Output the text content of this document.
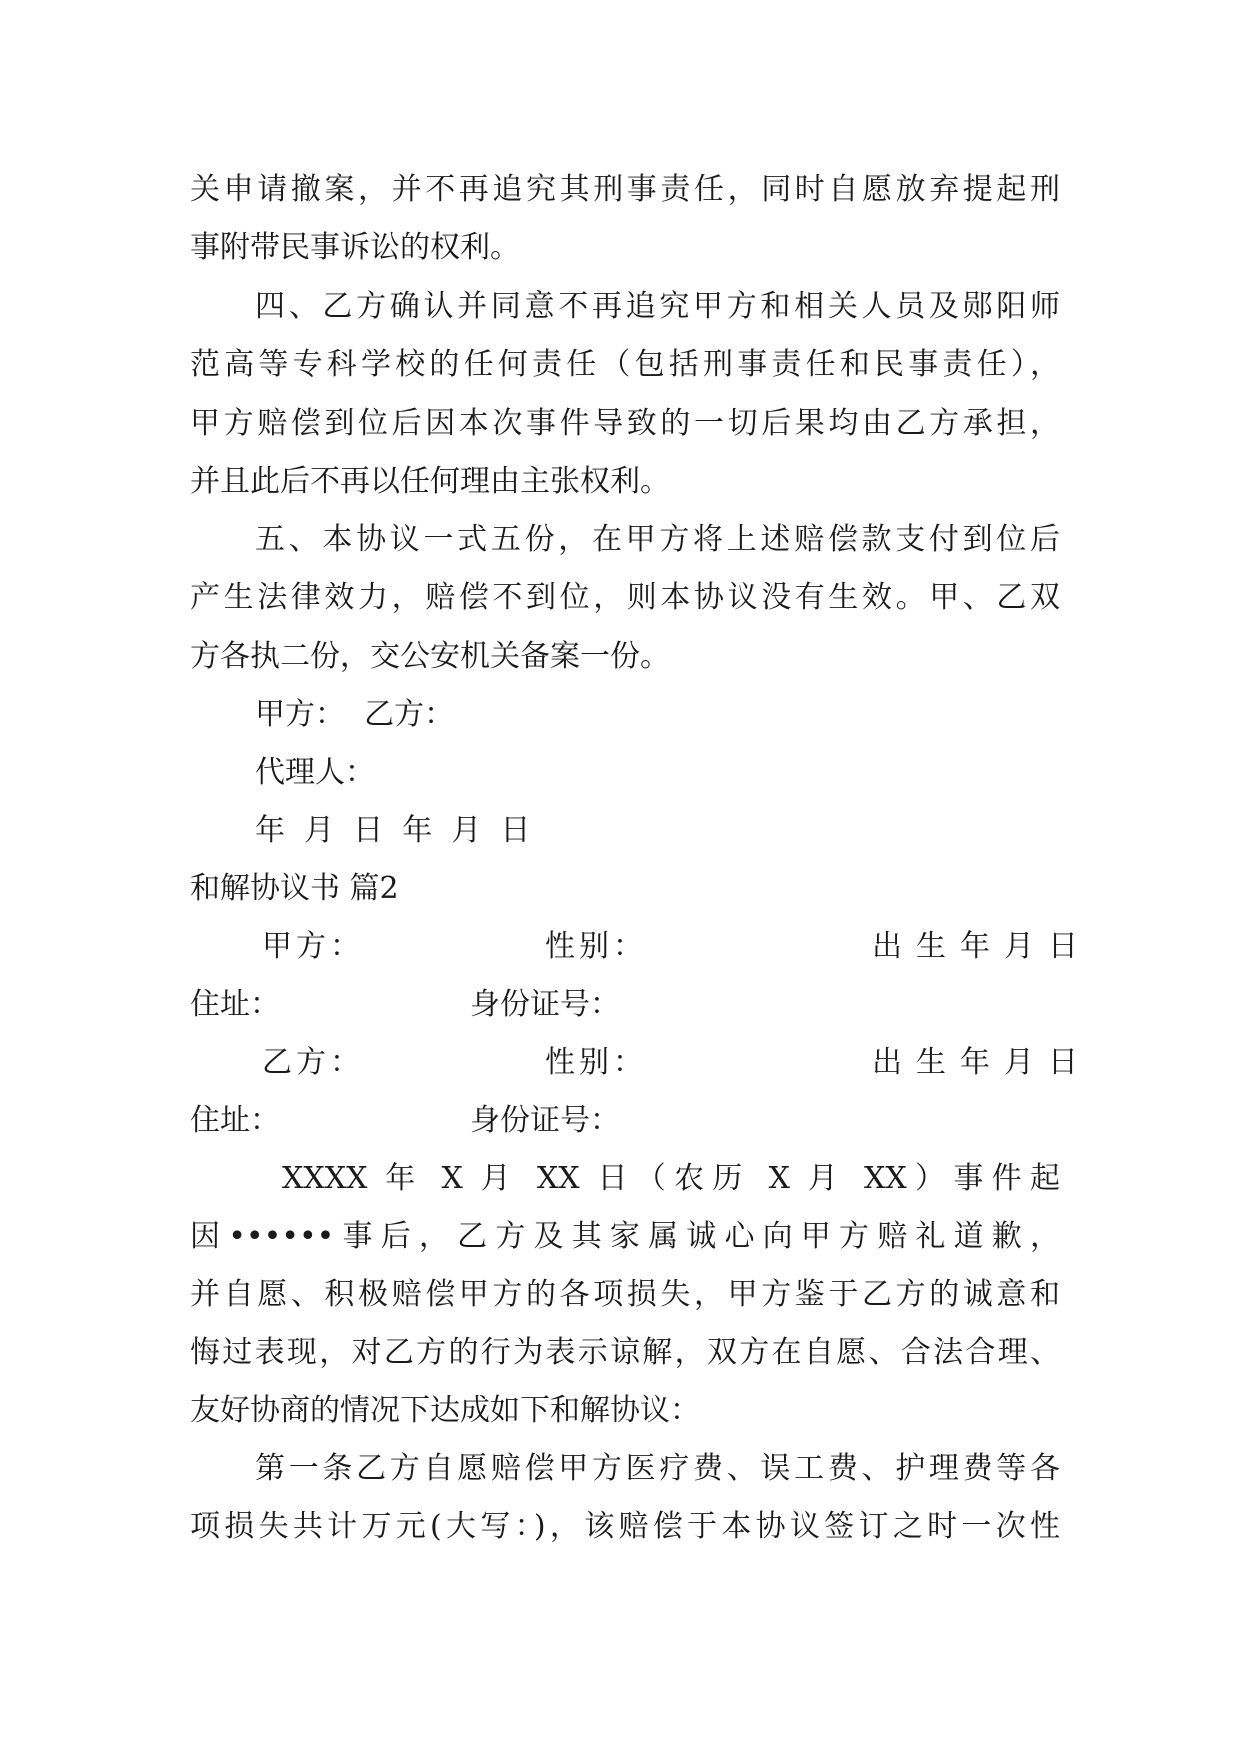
关申请撤案，并不再追究其刑事责任，同时自愿放弃提起刑
事附带民事诉讼的权利。
四、乙方确认并同意不再追究甲方和相关人员及郧阳师
范高等专科学校的任何责任（包括刑事责任和民事责任），
甲方赔偿到位后因本次事件导致的一切后果均由乙方承担，
并且此后不再以任何理由主张权利。
五、本协议一式五份，在甲方将上述赔偿款支付到位后
产生法律效力，赔偿不到位，则本协议没有生效。甲、乙双
方各执二份，交公安机关备案一份。
甲方：  乙方：
代理人：
年  月  日  年  月  日
和解协议书 篇2
甲方：	性别：	出生年月日
住址：	身份证号：
乙方：	性别：	出生年月日
住址：	身份证号：
XXXX 年 X 月 XX 日（农历 X 月 XX）事件起
因••••••事后，乙方及其家属诚心向甲方赔礼道歉，
并自愿、积极赔偿甲方的各项损失，甲方鉴于乙方的诚意和
悔过表现，对乙方的行为表示谅解，双方在自愿、合法合理、
友好协商的情况下达成如下和解协议：
第一条乙方自愿赔偿甲方医疗费、误工费、护理费等各
项损失共计万元(大写：)，该赔偿于本协议签订之时一次性
